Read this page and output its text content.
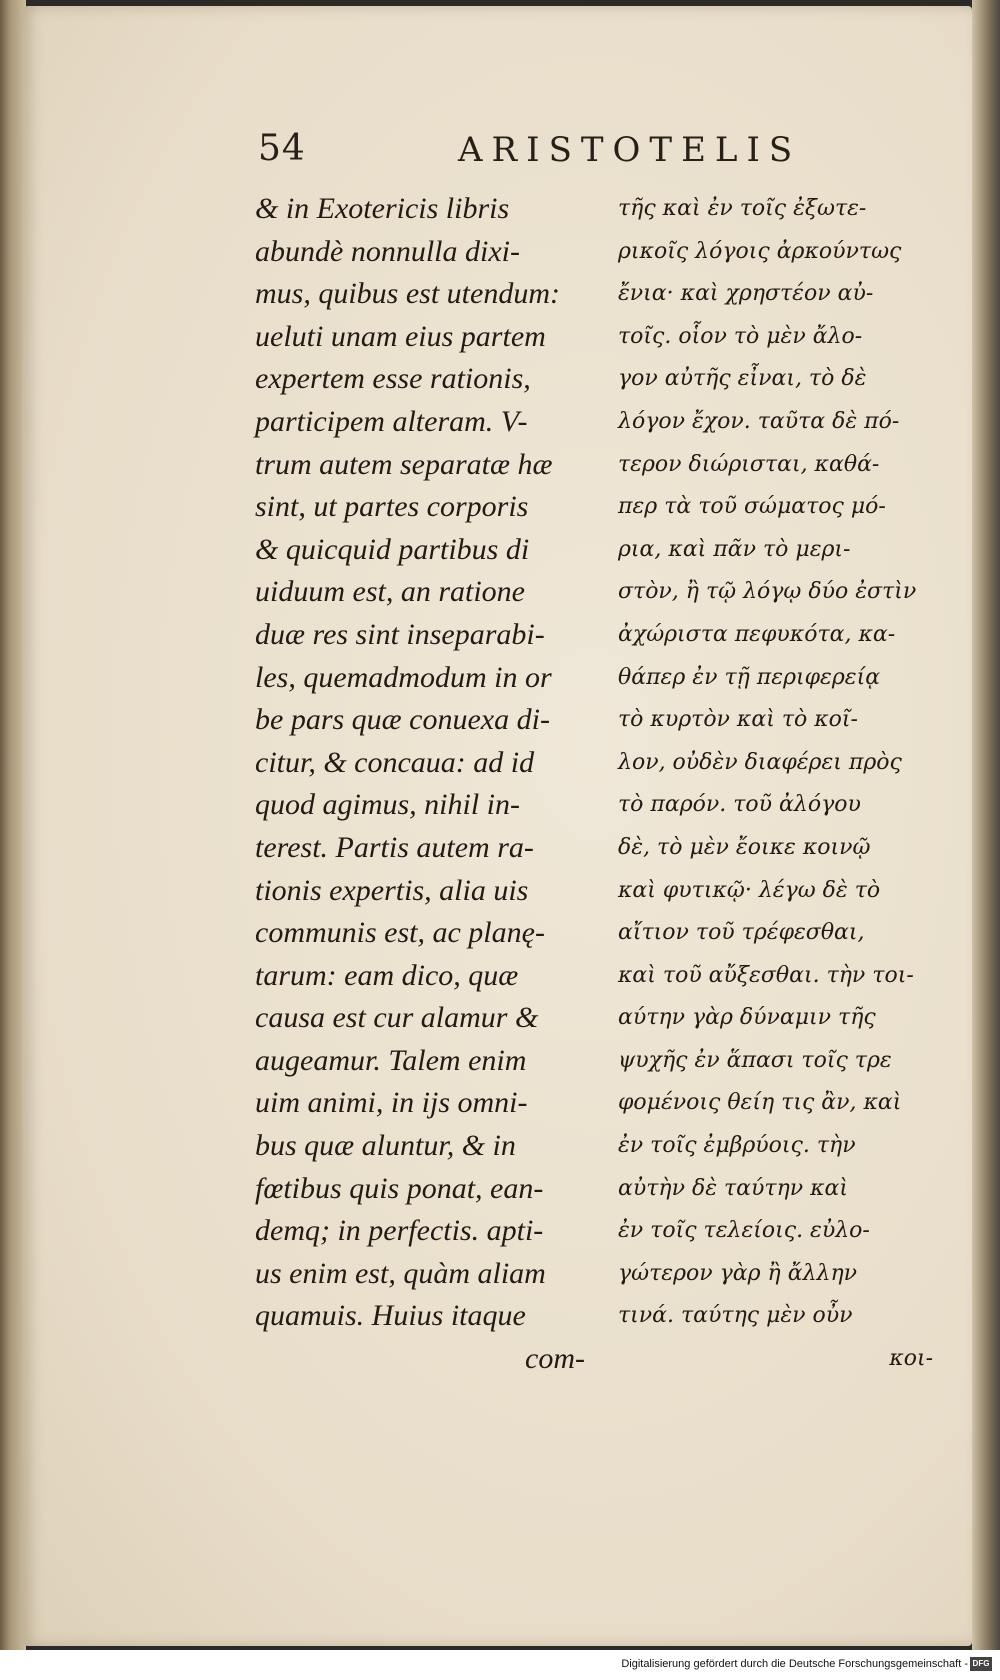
54	ARISTOTELIS
& in Exotericis libris
abundè nonnulla dixi-
mus, quibus est utendum:
ueluti unam eius partem
expertem esse rationis,
participem alteram. V-
trum autem separatæ hæ
sint, ut partes corporis
& quicquid partibus di
uiduum est, an ratione
duæ res sint inseparabi-
les, quemadmodum in or
be pars quæ conuexa di-
citur, & concaua: ad id
quod agimus, nihil in-
terest. Partis autem ra-
tionis expertis, alia uis
communis est, ac planę-
tarum: eam dico, quæ
causa est cur alamur &
augeamur. Talem enim
uim animi, in ijs omni-
bus quæ aluntur, & in
fœtibus quis ponat, ean-
demq; in perfectis. apti-
us enim est, quàm aliam
quamuis. Huius itaque
com-
τῆς καὶ ἐν τοῖς ἐξωτε-
ρικοῖς λόγοις ἀρκούντως
ἔνια· καὶ χρηστέον αὐ-
τοῖς. οἷον τὸ μὲν ἄλο-
γον αὐτῆς εἶναι, τὸ δὲ
λόγον ἔχον. ταῦτα δὲ πό-
τερον διώρισται, καθά-
περ τὰ τοῦ σώματος μό-
ρια, καὶ πᾶν τὸ μερι-
στὸν, ἢ τῷ λόγῳ δύο ἐστὶν
ἀχώριστα πεφυκότα, κα-
θάπερ ἐν τῇ περιφερείᾳ
τὸ κυρτὸν καὶ τὸ κοῖ-
λον, οὐδὲν διαφέρει πρὸς
τὸ παρόν. τοῦ ἀλόγου
δὲ, τὸ μὲν ἔοικε κοινῷ
καὶ φυτικῷ· λέγω δὲ τὸ
αἴτιον τοῦ τρέφεσθαι,
καὶ τοῦ αὔξεσθαι. τὴν τοι-
αύτην γὰρ δύναμιν τῆς
ψυχῆς ἐν ἅπασι τοῖς τρε
φομένοις θείη τις ἂν, καὶ
ἐν τοῖς ἐμβρύοις. τὴν
αὐτὴν δὲ ταύτην καὶ
ἐν τοῖς τελείοις. εὐλο-
γώτερον γὰρ ἢ ἄλλην
τινά. ταύτης μὲν οὖν
κοι-
Digitalisierung gefördert durch die Deutsche Forschungsgemeinschaft - DFG
